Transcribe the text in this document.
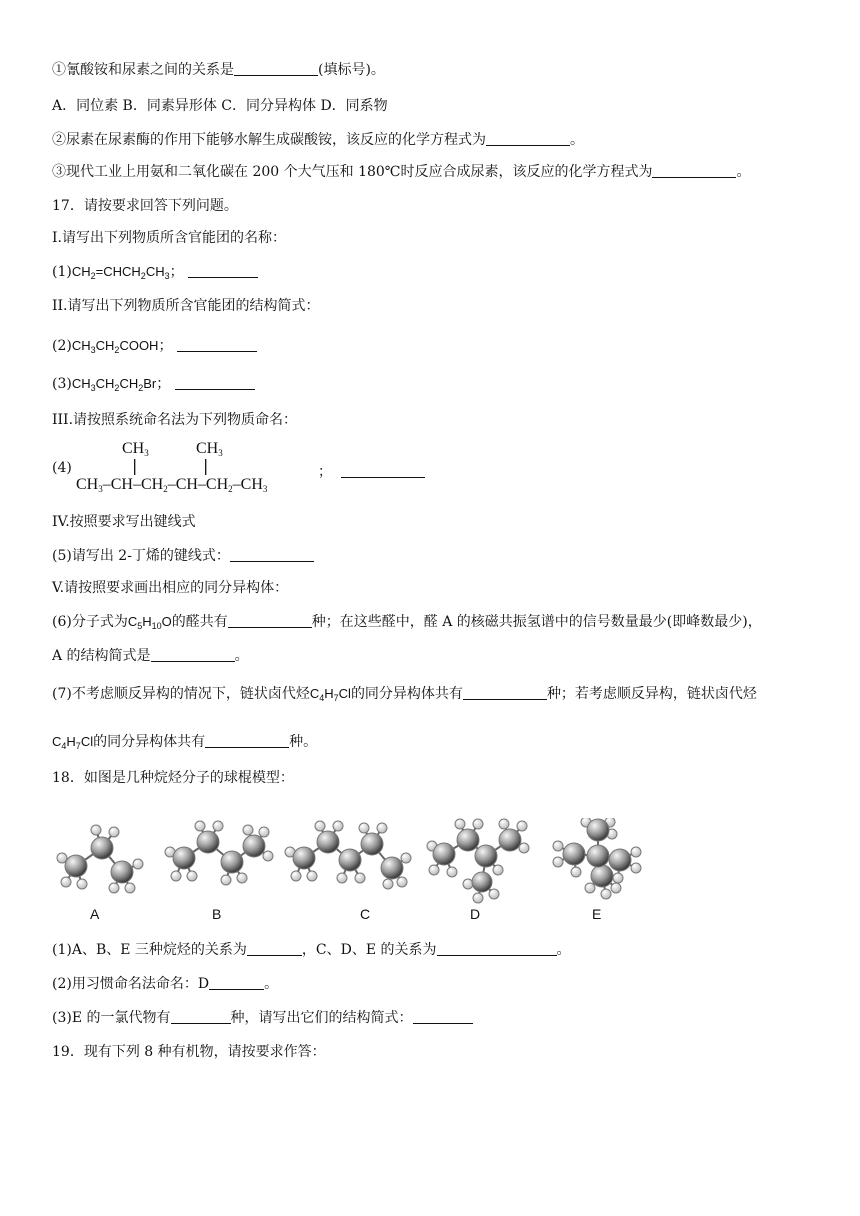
①氰酸铵和尿素之间的关系是	(填标号)。
A．同位素 B．同素异形体 C．同分异构体 D．同系物
②尿素在尿素酶的作用下能够水解生成碳酸铵，该反应的化学方程式为	。
③现代工业上用氨和二氧化碳在 200 个大气压和 180℃时反应合成尿素，该反应的化学方程式为	。
17．请按要求回答下列问题。
I.请写出下列物质所含官能团的名称：
$(1)CH_2=CHCH_2CH_3$；
II.请写出下列物质所含官能团的结构简式：
$(2)CH_3CH_2COOH$；
$(3)CH_3CH_2CH_2Br$；
III.请按照系统命名法为下列物质命名：
(4)
$CH_3$
|
$CH_3$
|
$CH_3-CH-CH_2-CH-CH_2-CH_3$
；
IV.按照要求写出键线式
(5)请写出 2-丁烯的键线式：
V.请按照要求画出相应的同分异构体：
(6)分子式为$C_5H_{10}O$的醛共有	种；在这些醛中，醛 A 的核磁共振氢谱中的信号数量最少(即峰数最少)，
A 的结构简式是	。
(7)不考虑顺反异构的情况下，链状卤代烃$C_4H_7Cl$的同分异构体共有	种；若考虑顺反异构，链状卤代烃
$C_4H_7Cl$的同分异构体共有	种。
18．如图是几种烷烃分子的球棍模型：
A	B	C	D	E
(1)A、B、E 三种烷烃的关系为	，C、D、E 的关系为	。
(2)用习惯命名法命名：D	。
(3)E 的一氯代物有	种，请写出它们的结构简式：
19．现有下列 8 种有机物，请按要求作答：
